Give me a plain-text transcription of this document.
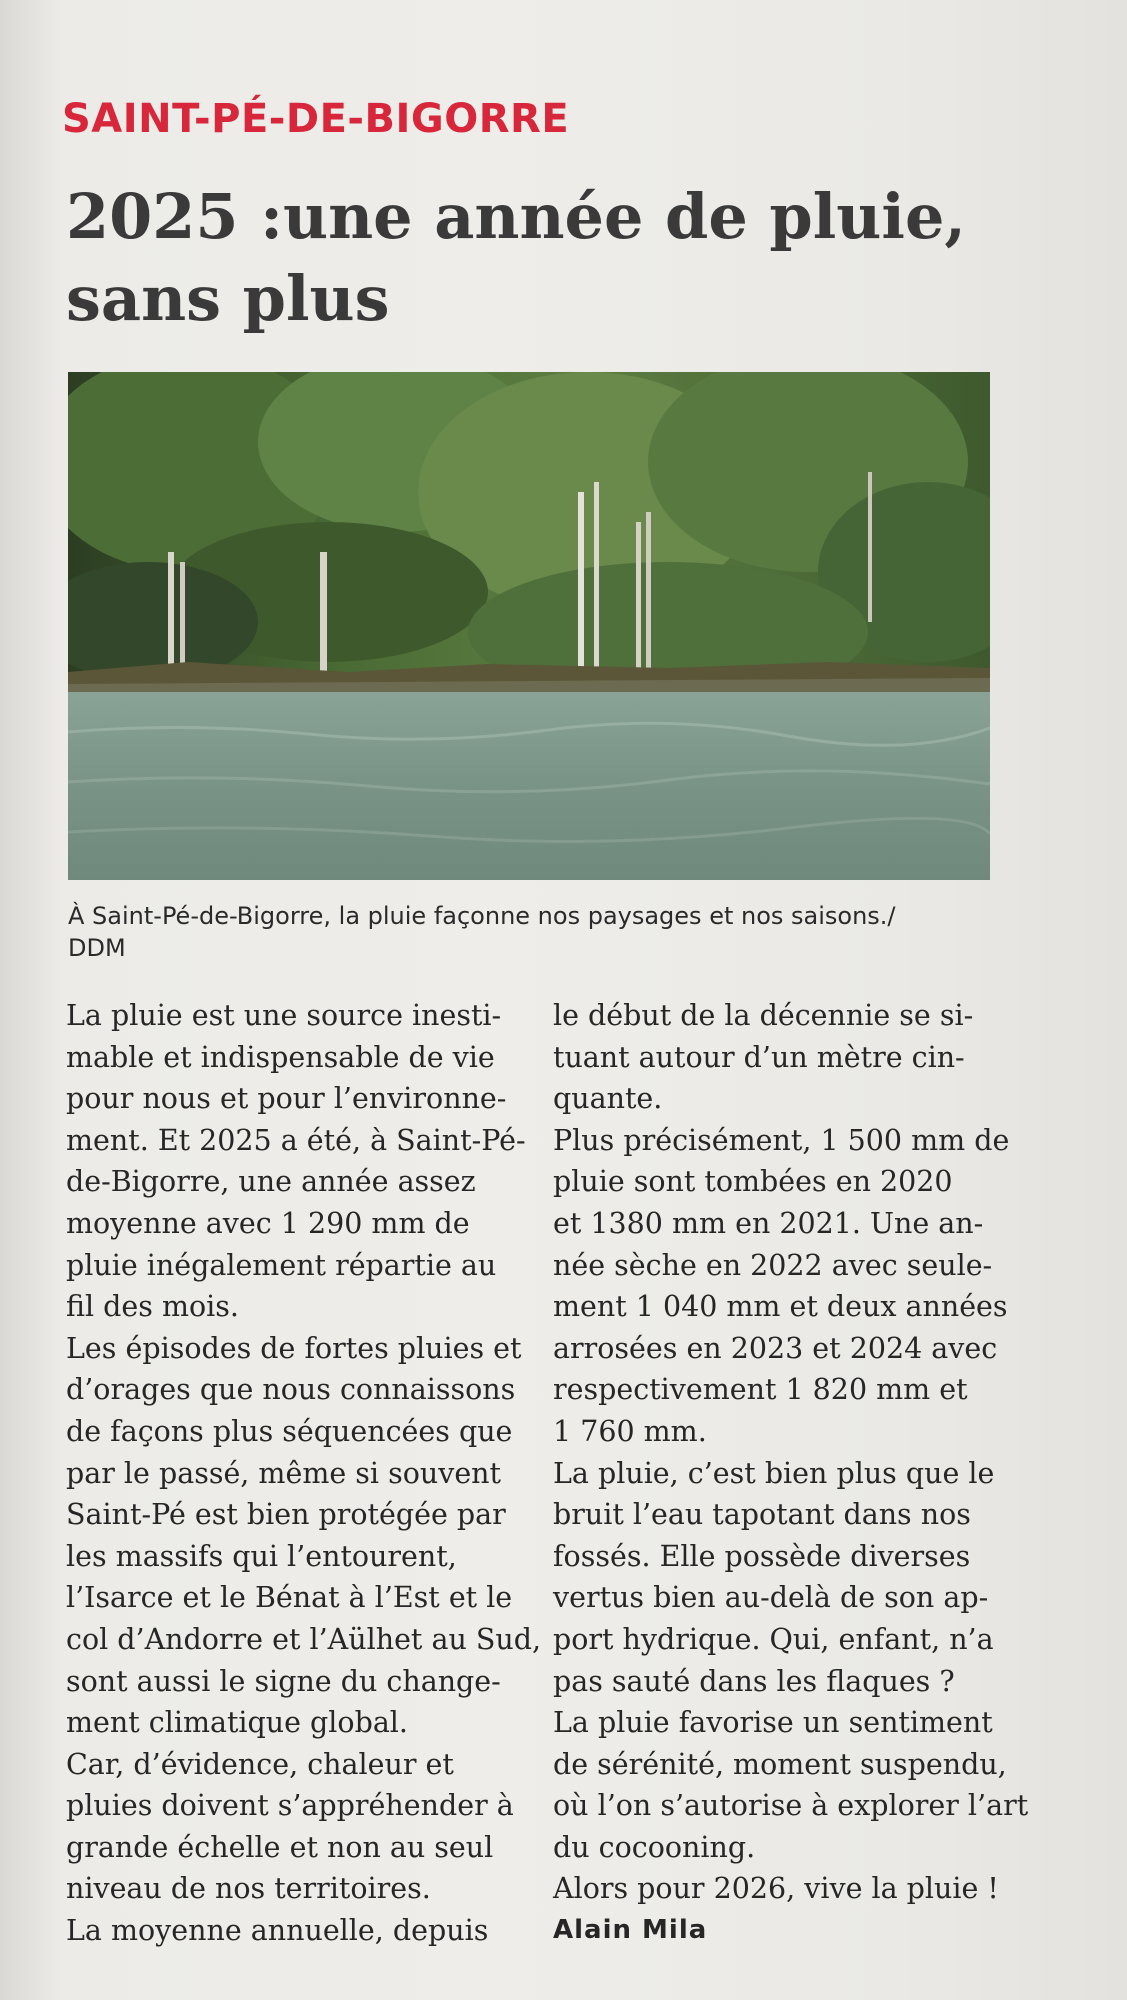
SAINT-PÉ-DE-BIGORRE
2025 :une année de pluie,
sans plus
À Saint-Pé-de-Bigorre, la pluie façonne nos paysages et nos saisons./
DDM
La pluie est une source inesti-
mable et indispensable de vie
pour nous et pour l’environne-
ment. Et 2025 a été, à Saint-Pé-
de-Bigorre, une année assez
moyenne avec 1 290 mm de
pluie inégalement répartie au
fil des mois.
Les épisodes de fortes pluies et
d’orages que nous connaissons
de façons plus séquencées que
par le passé, même si souvent
Saint-Pé est bien protégée par
les massifs qui l’entourent,
l’Isarce et le Bénat à l’Est et le
col d’Andorre et l’Aülhet au Sud,
sont aussi le signe du change-
ment climatique global.
Car, d’évidence, chaleur et
pluies doivent s’appréhender à
grande échelle et non au seul
niveau de nos territoires.
La moyenne annuelle, depuis
le début de la décennie se si-
tuant autour d’un mètre cin-
quante.
Plus précisément, 1 500 mm de
pluie sont tombées en 2020
et 1380 mm en 2021. Une an-
née sèche en 2022 avec seule-
ment 1 040 mm et deux années
arrosées en 2023 et 2024 avec
respectivement 1 820 mm et
1 760 mm.
La pluie, c’est bien plus que le
bruit l’eau tapotant dans nos
fossés. Elle possède diverses
vertus bien au-delà de son ap-
port hydrique. Qui, enfant, n’a
pas sauté dans les flaques ?
La pluie favorise un sentiment
de sérénité, moment suspendu,
où l’on s’autorise à explorer l’art
du cocooning.
Alors pour 2026, vive la pluie !
Alain Mila
